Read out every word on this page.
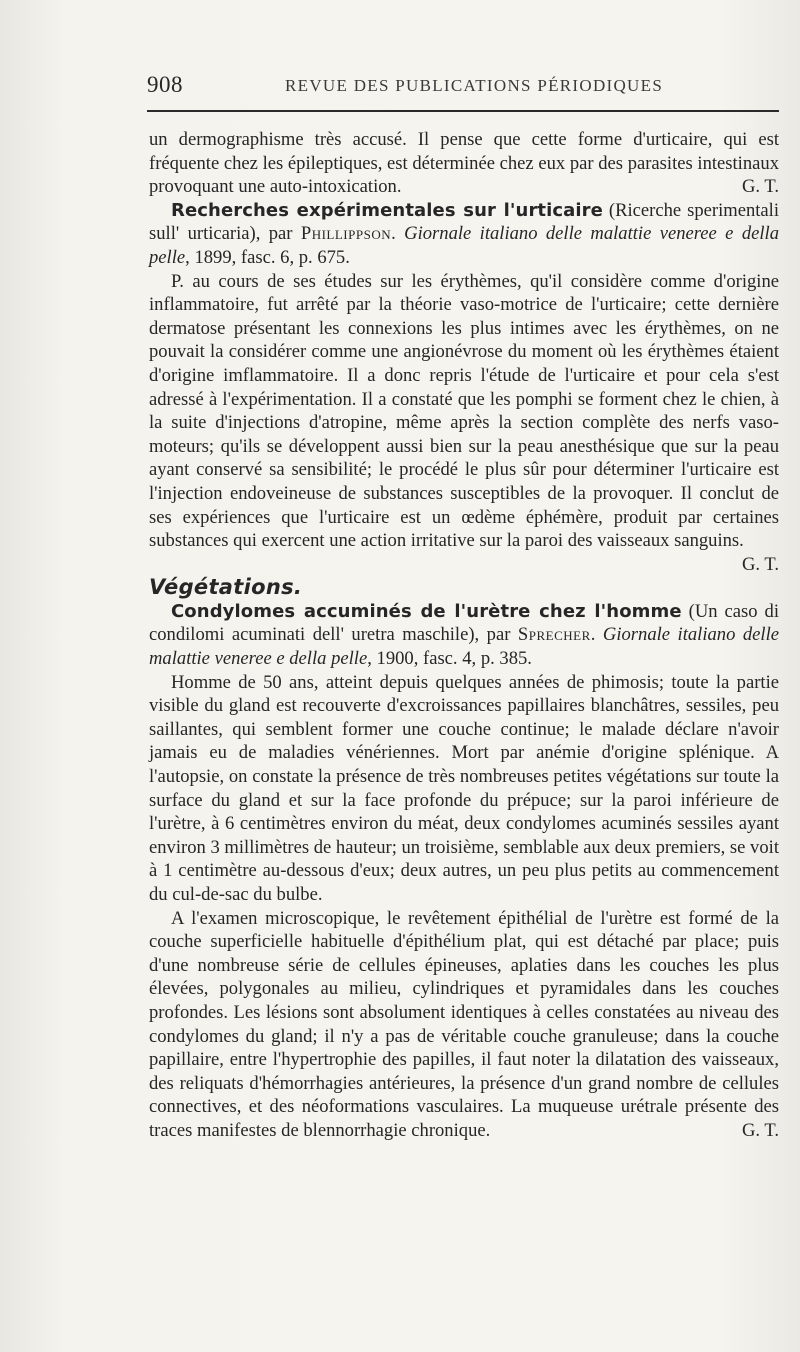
908	REVUE DES PUBLICATIONS PÉRIODIQUES

un dermographisme très accusé. Il pense que cette forme d'urticaire, qui est fréquente chez les épileptiques, est déterminée chez eux par des parasites intestinaux provoquant une auto-intoxication.	G. T.

Recherches expérimentales sur l'urticaire (Ricerche sperimentali sull' urticaria), par Phillippson. Giornale italiano delle malattie veneree e della pelle, 1899, fasc. 6, p. 675.

P. au cours de ses études sur les érythèmes, qu'il considère comme d'origine inflammatoire, fut arrêté par la théorie vaso-motrice de l'urticaire; cette dernière dermatose présentant les connexions les plus intimes avec les érythèmes, on ne pouvait la considérer comme une angionévrose du moment où les érythèmes étaient d'origine imflammatoire. Il a donc repris l'étude de l'urticaire et pour cela s'est adressé à l'expérimentation. Il a constaté que les pomphi se forment chez le chien, à la suite d'injections d'atropine, même après la section complète des nerfs vaso-moteurs; qu'ils se développent aussi bien sur la peau anesthésique que sur la peau ayant conservé sa sensibilité; le procédé le plus sûr pour déterminer l'urticaire est l'injection endoveineuse de substances susceptibles de la provoquer. Il conclut de ses expériences que l'urticaire est un œdème éphémère, produit par certaines substances qui exercent une action irritative sur la paroi des vaisseaux sanguins.
G. T.

Végétations.

Condylomes accuminés de l'urètre chez l'homme (Un caso di condilomi acuminati dell' uretra maschile), par Sprecher. Giornale italiano delle malattie veneree e della pelle, 1900, fasc. 4, p. 385.

Homme de 50 ans, atteint depuis quelques années de phimosis; toute la partie visible du gland est recouverte d'excroissances papillaires blanchâtres, sessiles, peu saillantes, qui semblent former une couche continue; le malade déclare n'avoir jamais eu de maladies vénériennes. Mort par anémie d'origine splénique. A l'autopsie, on constate la présence de très nombreuses petites végétations sur toute la surface du gland et sur la face profonde du prépuce; sur la paroi inférieure de l'urètre, à 6 centimètres environ du méat, deux condylomes acuminés sessiles ayant environ 3 millimètres de hauteur; un troisième, semblable aux deux premiers, se voit à 1 centimètre au-dessous d'eux; deux autres, un peu plus petits au commencement du cul-de-sac du bulbe.

A l'examen microscopique, le revêtement épithélial de l'urètre est formé de la couche superficielle habituelle d'épithélium plat, qui est détaché par place; puis d'une nombreuse série de cellules épineuses, aplaties dans les couches les plus élevées, polygonales au milieu, cylindriques et pyramidales dans les couches profondes. Les lésions sont absolument identiques à celles constatées au niveau des condylomes du gland; il n'y a pas de véritable couche granuleuse; dans la couche papillaire, entre l'hypertrophie des papilles, il faut noter la dilatation des vaisseaux, des reliquats d'hémorrhagies antérieures, la présence d'un grand nombre de cellules connectives, et des néoformations vasculaires. La muqueuse urétrale présente des traces manifestes de blennorrhagie chronique.	G. T.
